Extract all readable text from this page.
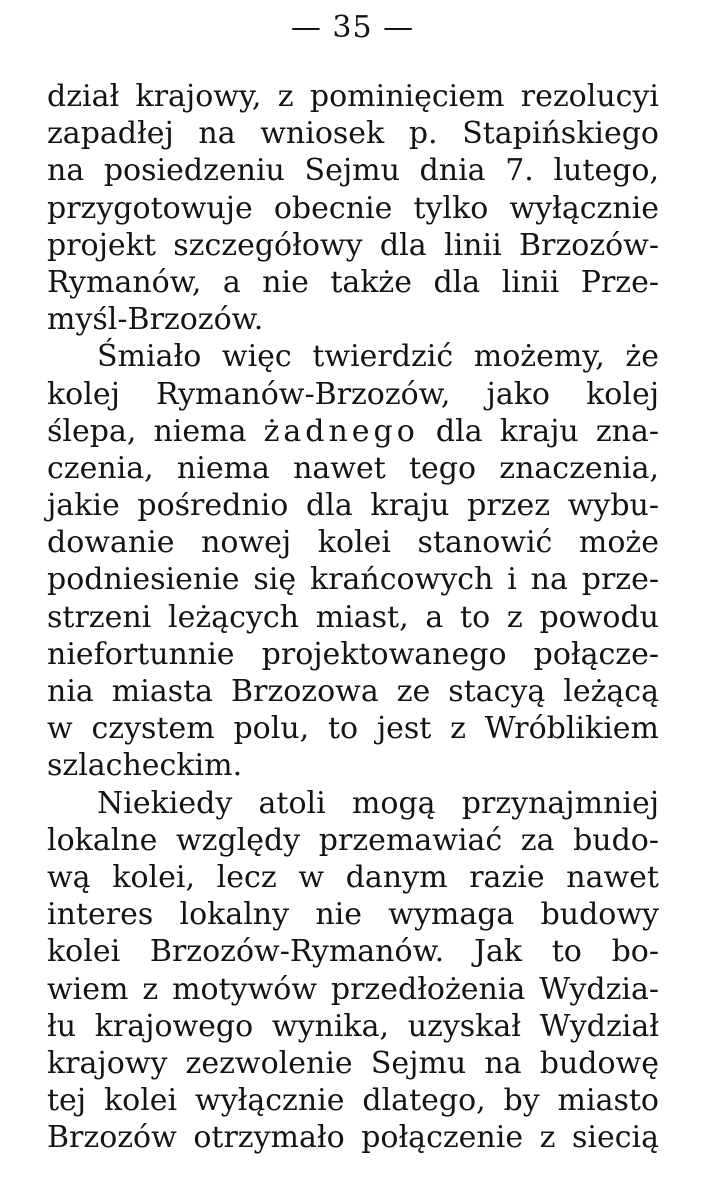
— 35 —
dział krajowy, z pominięciem rezolucyi
zapadłej na wniosek p. Stapińskiego
na posiedzeniu Sejmu dnia 7. lutego,
przygotowuje obecnie tylko wyłącznie
projekt szczegółowy dla linii Brzozów-
Rymanów, a nie także dla linii Prze-
myśl-Brzozów.
Śmiało więc twierdzić możemy, że
kolej Rymanów-Brzozów, jako kolej
ślepa, niema żadnego dla kraju zna-
czenia, niema nawet tego znaczenia,
jakie pośrednio dla kraju przez wybu-
dowanie nowej kolei stanowić może
podniesienie się krańcowych i na prze-
strzeni leżących miast, a to z powodu
niefortunnie projektowanego połącze-
nia miasta Brzozowa ze stacyą leżącą
w czystem polu, to jest z Wróblikiem
szlacheckim.
Niekiedy atoli mogą przynajmniej
lokalne względy przemawiać za budo-
wą kolei, lecz w danym razie nawet
interes lokalny nie wymaga budowy
kolei Brzozów-Rymanów. Jak to bo-
wiem z motywów przedłożenia Wydzia-
łu krajowego wynika, uzyskał Wydział
krajowy zezwolenie Sejmu na budowę
tej kolei wyłącznie dlatego, by miasto
Brzozów otrzymało połączenie z siecią
